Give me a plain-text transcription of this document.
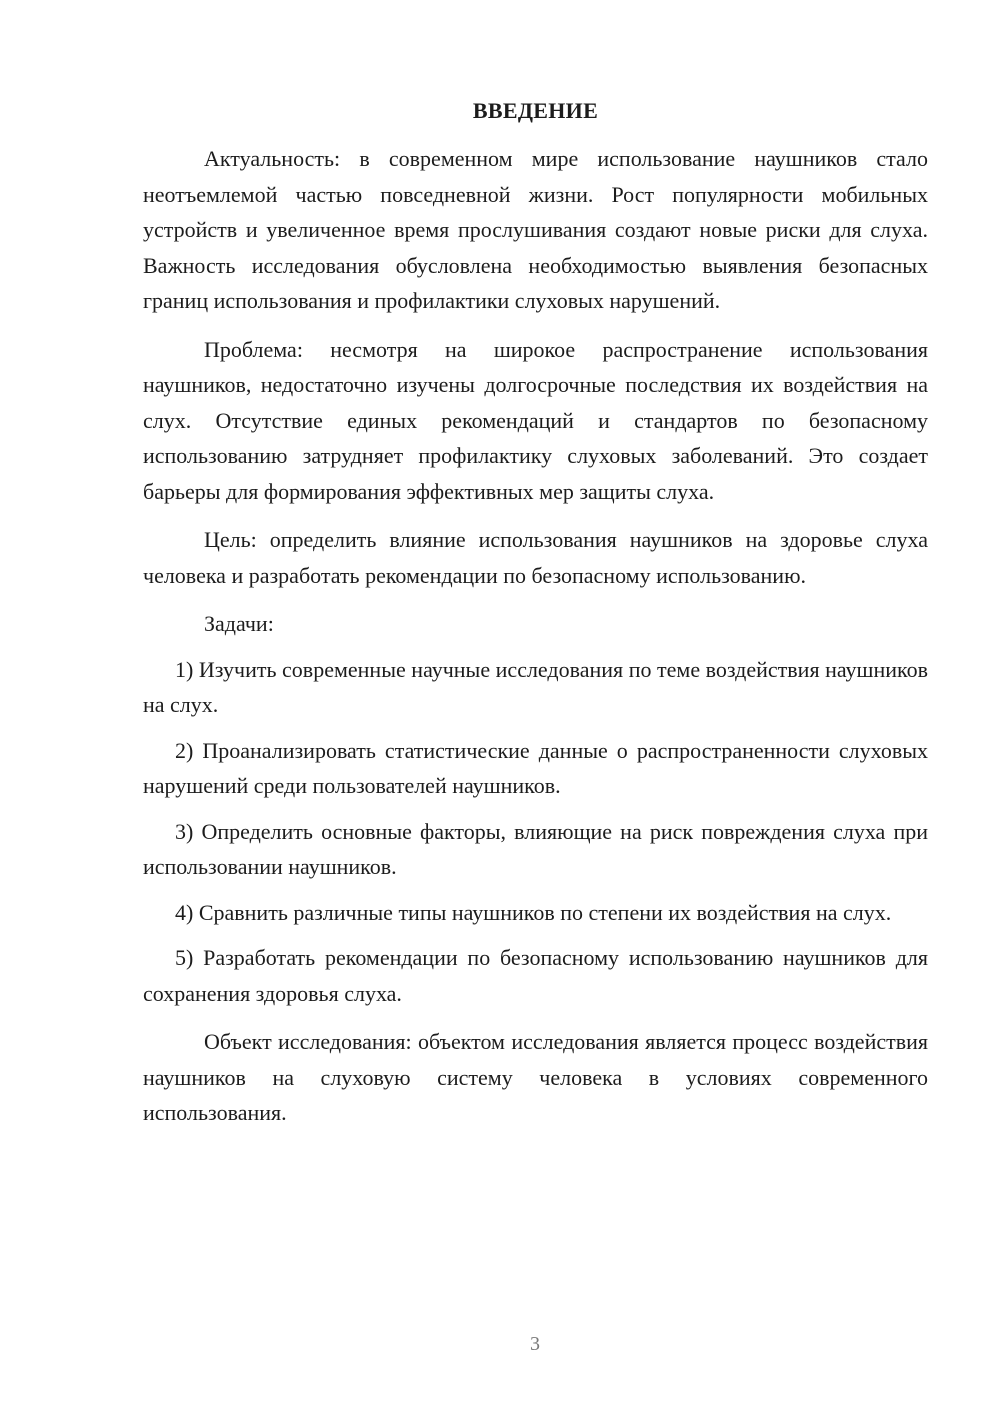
ВВЕДЕНИЕ

Актуальность: в современном мире использование наушников стало неотъемлемой частью повседневной жизни. Рост популярности мобильных устройств и увеличенное время прослушивания создают новые риски для слуха. Важность исследования обусловлена необходимостью выявления безопасных границ использования и профилактики слуховых нарушений.

Проблема: несмотря на широкое распространение использования наушников, недостаточно изучены долгосрочные последствия их воздействия на слух. Отсутствие единых рекомендаций и стандартов по безопасному использованию затрудняет профилактику слуховых заболеваний. Это создает барьеры для формирования эффективных мер защиты слуха.

Цель: определить влияние использования наушников на здоровье слуха человека и разработать рекомендации по безопасному использованию.

Задачи:

1) Изучить современные научные исследования по теме воздействия наушников на слух.

2) Проанализировать статистические данные о распространенности слуховых нарушений среди пользователей наушников.

3) Определить основные факторы, влияющие на риск повреждения слуха при использовании наушников.

4) Сравнить различные типы наушников по степени их воздействия на слух.

5) Разработать рекомендации по безопасному использованию наушников для сохранения здоровья слуха.

Объект исследования: объектом исследования является процесс воздействия наушников на слуховую систему человека в условиях современного использования.

3
